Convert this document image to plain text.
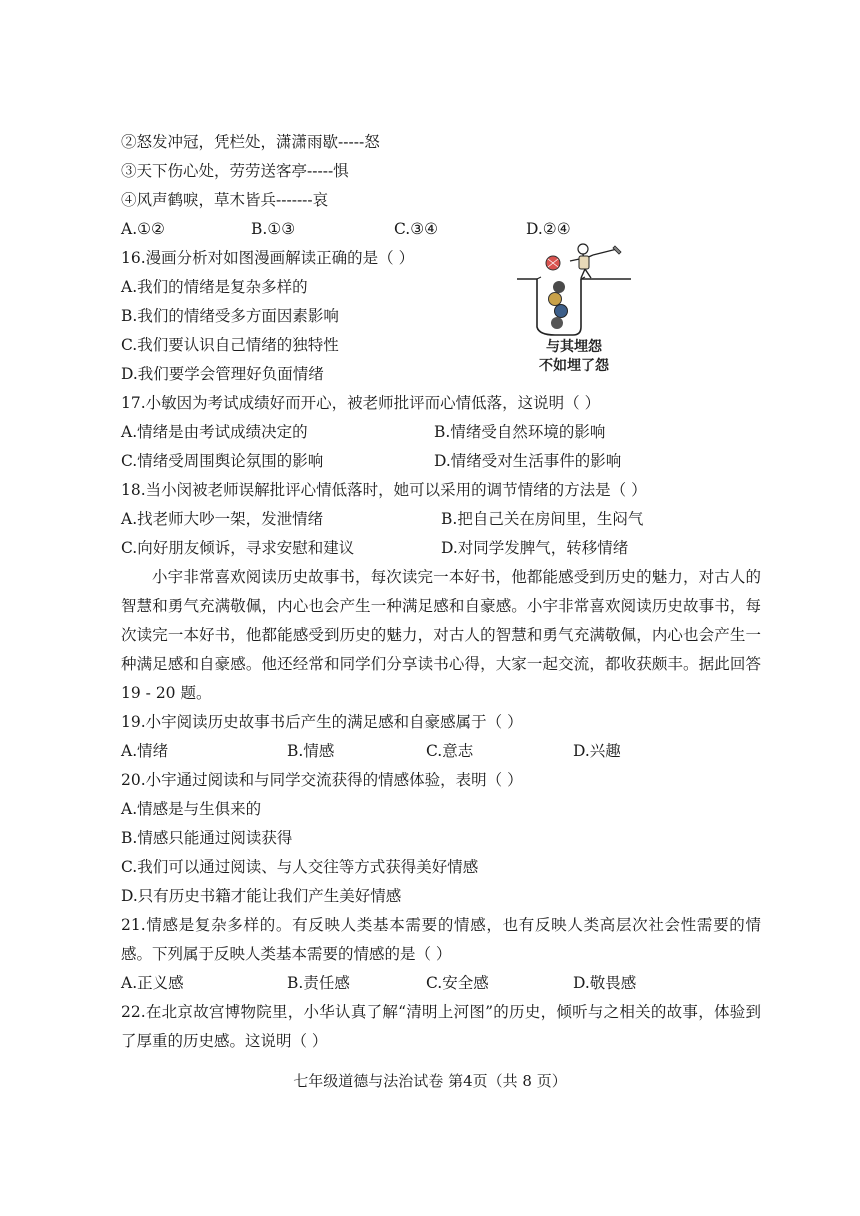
②怒发冲冠，凭栏处，潇潇雨歇-----怒
③天下伤心处，劳劳送客亭-----惧
④风声鹤唳，草木皆兵-------哀
A.①②	B.①③	C.③④	D.②④
16.漫画分析对如图漫画解读正确的是（ ）
A.我们的情绪是复杂多样的
B.我们的情绪受多方面因素影响
C.我们要认识自己情绪的独特性
D.我们要学会管理好负面情绪
17.小敏因为考试成绩好而开心，被老师批评而心情低落，这说明（ ）
A.情绪是由考试成绩决定的	B.情绪受自然环境的影响
C.情绪受周围舆论氛围的影响	D.情绪受对生活事件的影响
18.当小闵被老师误解批评心情低落时，她可以采用的调节情绪的方法是（ ）
A.找老师大吵一架，发泄情绪	B.把自己关在房间里，生闷气
C.向好朋友倾诉，寻求安慰和建议	D.对同学发脾气，转移情绪
小宇非常喜欢阅读历史故事书，每次读完一本好书，他都能感受到历史的魅力，对古人的智慧和勇气充满敬佩，内心也会产生一种满足感和自豪感。小宇非常喜欢阅读历史故事书，每次读完一本好书，他都能感受到历史的魅力，对古人的智慧和勇气充满敬佩，内心也会产生一种满足感和自豪感。他还经常和同学们分享读书心得，大家一起交流，都收获颇丰。据此回答 19 - 20 题。
19.小宇阅读历史故事书后产生的满足感和自豪感属于（ ）
A.情绪	B.情感	C.意志	D.兴趣
20.小宇通过阅读和与同学交流获得的情感体验，表明（ ）
A.情感是与生俱来的
B.情感只能通过阅读获得
C.我们可以通过阅读、与人交往等方式获得美好情感
D.只有历史书籍才能让我们产生美好情感
21.情感是复杂多样的。有反映人类基本需要的情感，也有反映人类高层次社会性需要的情感。下列属于反映人类基本需要的情感的是（ ）
A.正义感	B.责任感	C.安全感	D.敬畏感
22.在北京故宫博物院里，小华认真了解“清明上河图”的历史，倾听与之相关的故事，体验到了厚重的历史感。这说明（ ）
与其埋怨
不如埋了怨
七年级道德与法治试卷 第4页（共 8 页）
